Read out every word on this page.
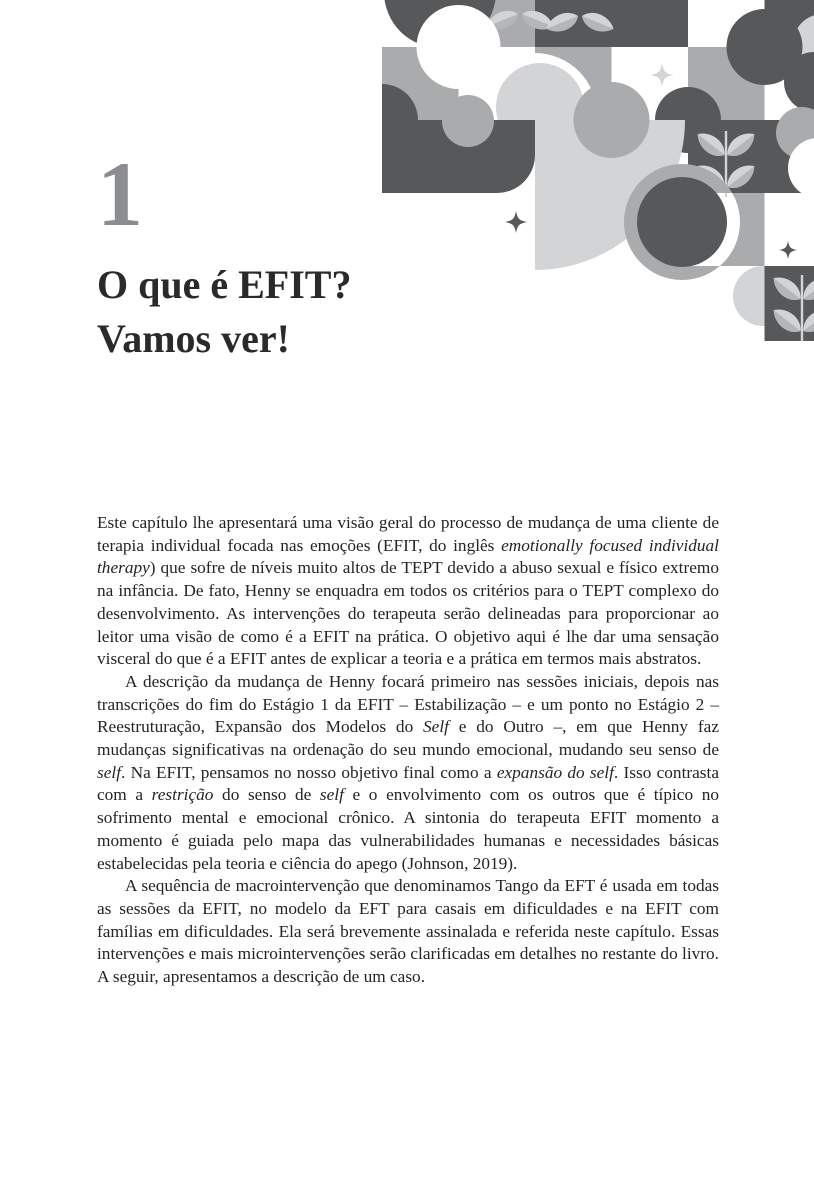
1
O que é EFIT?
Vamos ver!

Este capítulo lhe apresentará uma visão geral do processo de mudança de uma cliente de terapia individual focada nas emoções (EFIT, do inglês emotionally focused individual therapy) que sofre de níveis muito altos de TEPT devido a abuso sexual e físico extremo na infância. De fato, Henny se enquadra em todos os critérios para o TEPT complexo do desenvolvimento. As intervenções do terapeuta serão delineadas para proporcionar ao leitor uma visão de como é a EFIT na prática. O objetivo aqui é lhe dar uma sensação visceral do que é a EFIT antes de explicar a teoria e a prática em termos mais abstratos.

A descrição da mudança de Henny focará primeiro nas sessões iniciais, depois nas transcrições do fim do Estágio 1 da EFIT – Estabilização – e um ponto no Estágio 2 – Reestruturação, Expansão dos Modelos do Self e do Outro –, em que Henny faz mudanças significativas na ordenação do seu mundo emocional, mudando seu senso de self. Na EFIT, pensamos no nosso objetivo final como a expansão do self. Isso contrasta com a restrição do senso de self e o envolvimento com os outros que é típico no sofrimento mental e emocional crônico. A sintonia do terapeuta EFIT momento a momento é guiada pelo mapa das vulnerabilidades humanas e necessidades básicas estabelecidas pela teoria e ciência do apego (Johnson, 2019).

A sequência de macrointervenção que denominamos Tango da EFT é usada em todas as sessões da EFIT, no modelo da EFT para casais em dificuldades e na EFIT com famílias em dificuldades. Ela será brevemente assinalada e referida neste capítulo. Essas intervenções e mais microintervenções serão clarificadas em detalhes no restante do livro. A seguir, apresentamos a descrição de um caso.
